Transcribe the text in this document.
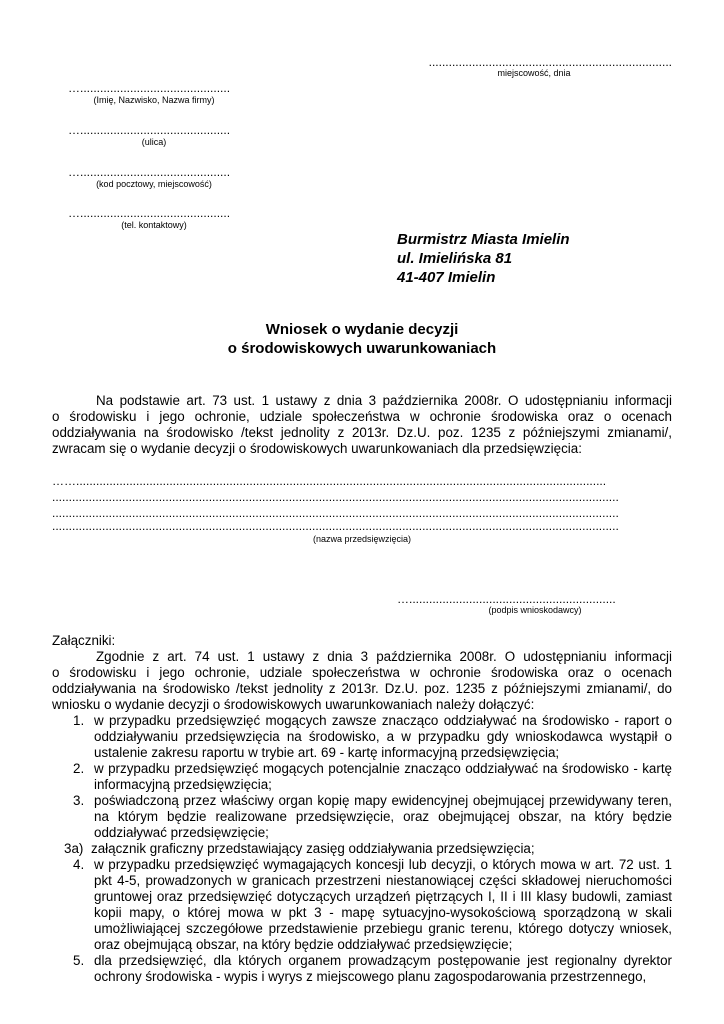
.........................................................................
miejscowość, dnia
….............................................
(Imię, Nazwisko, Nazwa firmy)
….............................................
(ulica)
….............................................
(kod pocztowy, miejscowość)
….............................................
(tel. kontaktowy)
Burmistrz Miasta Imielin
ul. Imielińska 81
41-407 Imielin
Wniosek o wydanie decyzji
o środowiskowych uwarunkowaniach
Na podstawie art. 73 ust. 1 ustawy z dnia 3 października 2008r. O udostępnianiu informacji
o środowisku i jego ochronie, udziale społeczeństwa w ochronie środowiska oraz o ocenach
oddziaływania na środowisko /tekst jednolity z 2013r. Dz.U. poz. 1235 z późniejszymi zmianami/,
zwracam się o wydanie decyzji o środowiskowych uwarunkowaniach dla przedsięwzięcia:
……...............................................................................................................................................................
..........................................................................................................................................................................
..........................................................................................................................................................................
..........................................................................................................................................................................
(nazwa przedsięwzięcia)
…..............................................................
(podpis wnioskodawcy)
Załączniki:
Zgodnie z art. 74 ust. 1 ustawy z dnia 3 października 2008r. O udostępnianiu informacji
o środowisku i jego ochronie, udziale społeczeństwa w ochronie środowiska oraz o ocenach
oddziaływania na środowisko /tekst jednolity z 2013r. Dz.U. poz. 1235 z późniejszymi zmianami/, do
wniosku o wydanie decyzji o środowiskowych uwarunkowaniach należy dołączyć:
1. w przypadku przedsięwzięć mogących zawsze znacząco oddziaływać na środowisko - raport o oddziaływaniu przedsięwzięcia na środowisko, a w przypadku gdy wnioskodawca wystąpił o ustalenie zakresu raportu w trybie art. 69 - kartę informacyjną przedsięwzięcia;
2. w przypadku przedsięwzięć mogących potencjalnie znacząco oddziaływać na środowisko - kartę informacyjną przedsięwzięcia;
3. poświadczoną przez właściwy organ kopię mapy ewidencyjnej obejmującej przewidywany teren, na którym będzie realizowane przedsięwzięcie, oraz obejmującej obszar, na który będzie oddziaływać przedsięwzięcie;
3a) załącznik graficzny przedstawiający zasięg oddziaływania przedsięwzięcia;
4. w przypadku przedsięwzięć wymagających koncesji lub decyzji, o których mowa w art. 72 ust. 1 pkt 4-5, prowadzonych w granicach przestrzeni niestanowiącej części składowej nieruchomości gruntowej oraz przedsięwzięć dotyczących urządzeń piętrzących I, II i III klasy budowli, zamiast kopii mapy, o której mowa w pkt 3 - mapę sytuacyjno-wysokościową sporządzoną w skali umożliwiającej szczegółowe przedstawienie przebiegu granic terenu, którego dotyczy wniosek, oraz obejmującą obszar, na który będzie oddziaływać przedsięwzięcie;
5. dla przedsięwzięć, dla których organem prowadzącym postępowanie jest regionalny dyrektor ochrony środowiska - wypis i wyrys z miejscowego planu zagospodarowania przestrzennego,
